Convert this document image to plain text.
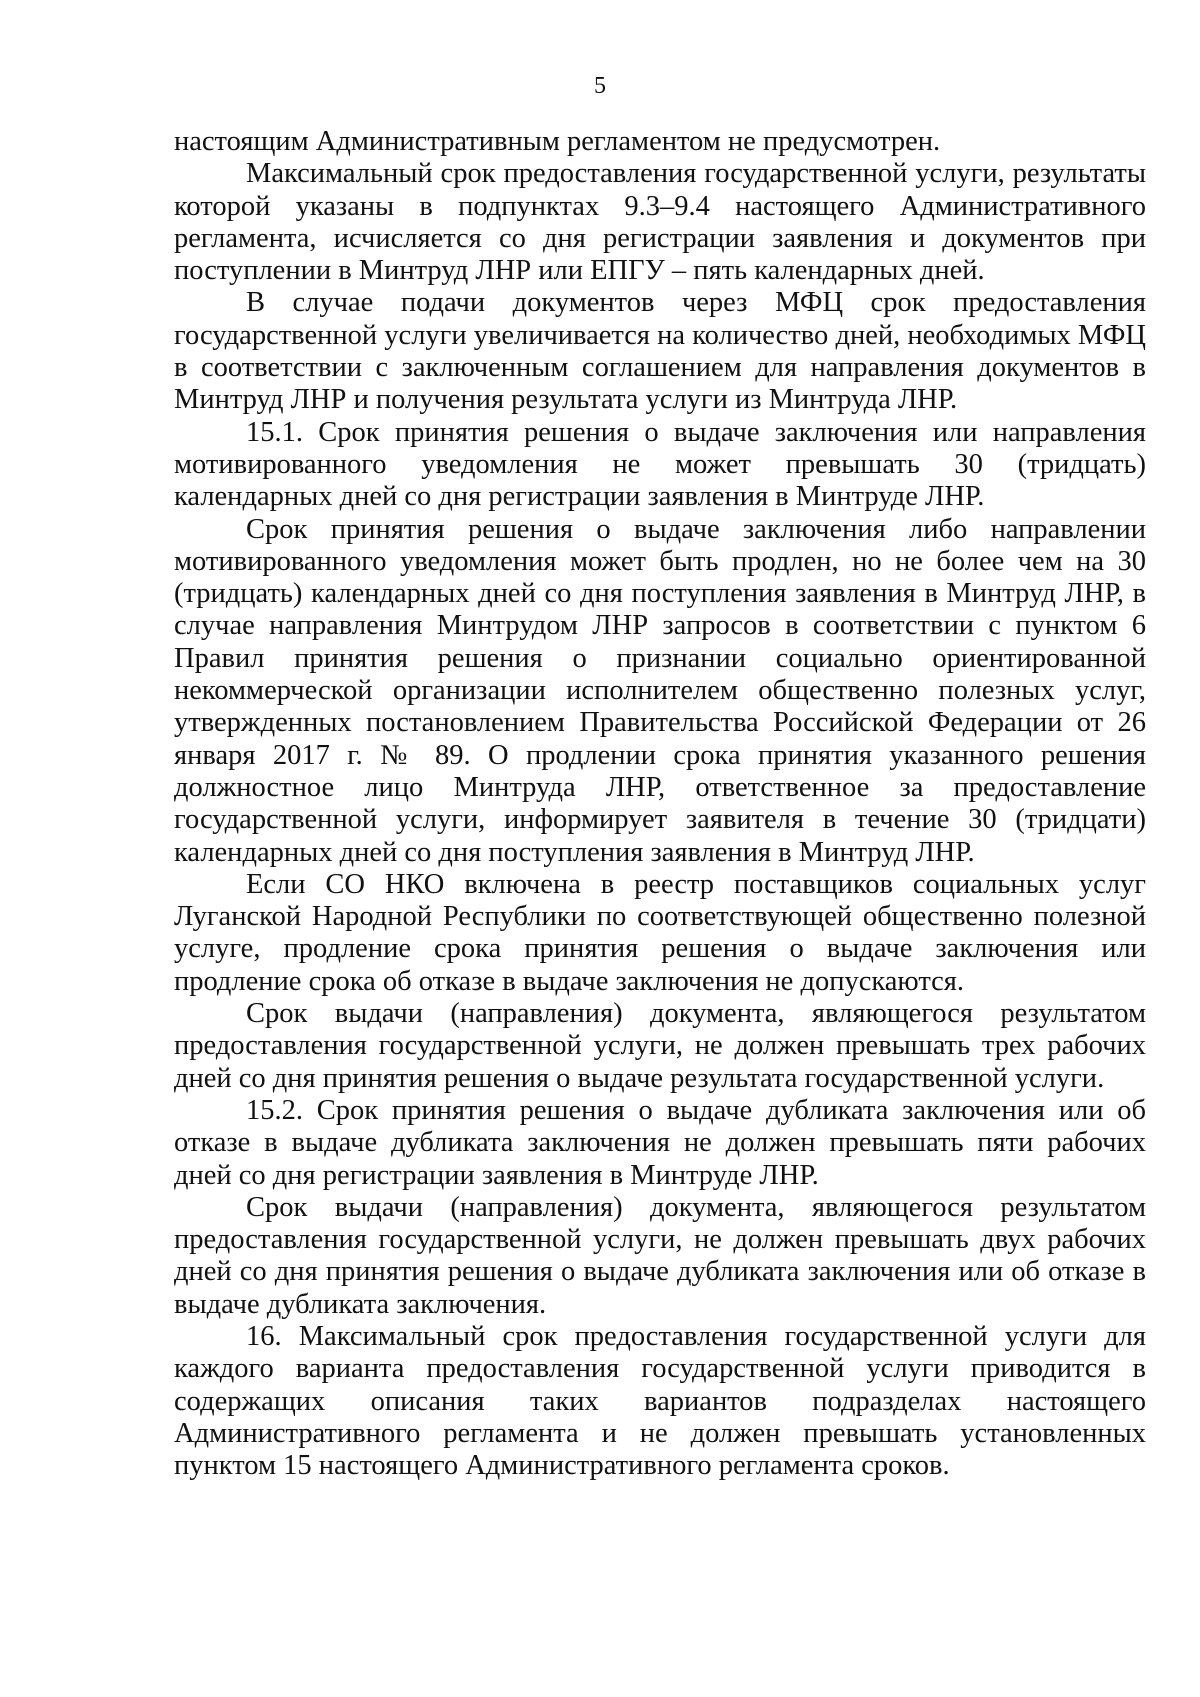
5

настоящим Административным регламентом не предусмотрен.

Максимальный срок предоставления государственной услуги, результаты которой указаны в подпунктах 9.3–9.4 настоящего Административного регламента, исчисляется со дня регистрации заявления и документов при поступлении в Минтруд ЛНР или ЕПГУ – пять календарных дней.

В случае подачи документов через МФЦ срок предоставления государственной услуги увеличивается на количество дней, необходимых МФЦ в соответствии с заключенным соглашением для направления документов в Минтруд ЛНР и получения результата услуги из Минтруда ЛНР.

15.1. Срок принятия решения о выдаче заключения или направления мотивированного уведомления не может превышать 30 (тридцать) календарных дней со дня регистрации заявления в Минтруде ЛНР.

Срок принятия решения о выдаче заключения либо направлении мотивированного уведомления может быть продлен, но не более чем на 30 (тридцать) календарных дней со дня поступления заявления в Минтруд ЛНР, в случае направления Минтрудом ЛНР запросов в соответствии с пунктом 6 Правил принятия решения о признании социально ориентированной некоммерческой организации исполнителем общественно полезных услуг, утвержденных постановлением Правительства Российской Федерации от 26 января 2017 г. № 89. О продлении срока принятия указанного решения должностное лицо Минтруда ЛНР, ответственное за предоставление государственной услуги, информирует заявителя в течение 30 (тридцати) календарных дней со дня поступления заявления в Минтруд ЛНР.

Если СО НКО включена в реестр поставщиков социальных услуг Луганской Народной Республики по соответствующей общественно полезной услуге, продление срока принятия решения о выдаче заключения или продление срока об отказе в выдаче заключения не допускаются.

Срок выдачи (направления) документа, являющегося результатом предоставления государственной услуги, не должен превышать трех рабочих дней со дня принятия решения о выдаче результата государственной услуги.

15.2. Срок принятия решения о выдаче дубликата заключения или об отказе в выдаче дубликата заключения не должен превышать пяти рабочих дней со дня регистрации заявления в Минтруде ЛНР.

Срок выдачи (направления) документа, являющегося результатом предоставления государственной услуги, не должен превышать двух рабочих дней со дня принятия решения о выдаче дубликата заключения или об отказе в выдаче дубликата заключения.

16. Максимальный срок предоставления государственной услуги для каждого варианта предоставления государственной услуги приводится в содержащих описания таких вариантов подразделах настоящего Административного регламента и не должен превышать установленных пунктом 15 настоящего Административного регламента сроков.
